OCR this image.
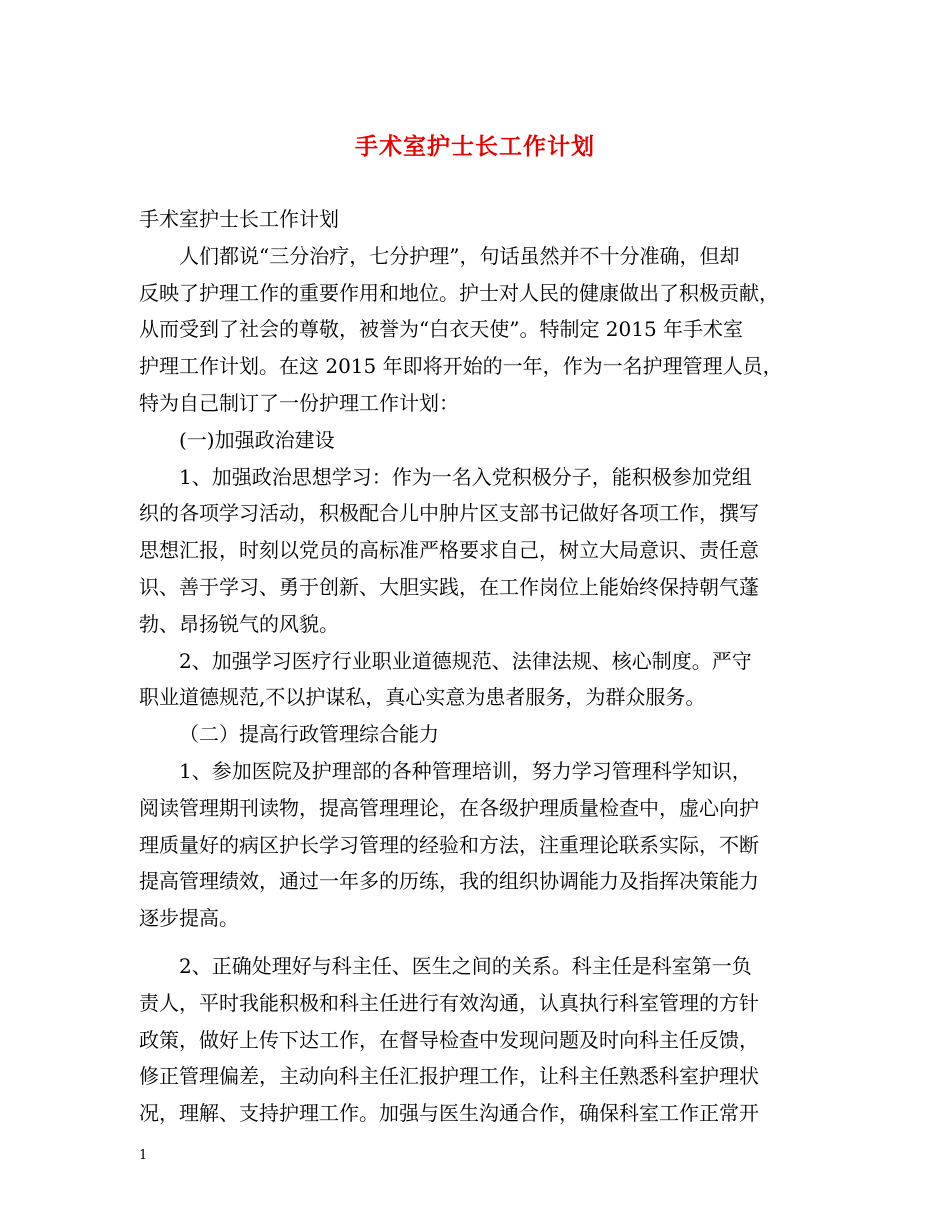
手术室护士长工作计划
手术室护士长工作计划
人们都说“三分治疗，七分护理”，句话虽然并不十分准确，但却
反映了护理工作的重要作用和地位。护士对人民的健康做出了积极贡献，
从而受到了社会的尊敬，被誉为“白衣天使”。特制定 2015 年手术室
护理工作计划。在这 2015 年即将开始的一年，作为一名护理管理人员，
特为自己制订了一份护理工作计划：
(一)加强政治建设
1、加强政治思想学习：作为一名入党积极分子，能积极参加党组
织的各项学习活动，积极配合儿中肿片区支部书记做好各项工作，撰写
思想汇报，时刻以党员的高标准严格要求自己，树立大局意识、责任意
识、善于学习、勇于创新、大胆实践，在工作岗位上能始终保持朝气蓬
勃、昂扬锐气的风貌。
2、加强学习医疗行业职业道德规范、法律法规、核心制度。严守
职业道德规范,不以护谋私，真心实意为患者服务，为群众服务。
（二）提高行政管理综合能力
1、参加医院及护理部的各种管理培训，努力学习管理科学知识，
阅读管理期刊读物，提高管理理论，在各级护理质量检查中，虚心向护
理质量好的病区护长学习管理的经验和方法，注重理论联系实际，不断
提高管理绩效，通过一年多的历练，我的组织协调能力及指挥决策能力
逐步提高。
2、正确处理好与科主任、医生之间的关系。科主任是科室第一负
责人，平时我能积极和科主任进行有效沟通，认真执行科室管理的方针
政策，做好上传下达工作，在督导检查中发现问题及时向科主任反馈，
修正管理偏差，主动向科主任汇报护理工作，让科主任熟悉科室护理状
况，理解、支持护理工作。加强与医生沟通合作，确保科室工作正常开
1
